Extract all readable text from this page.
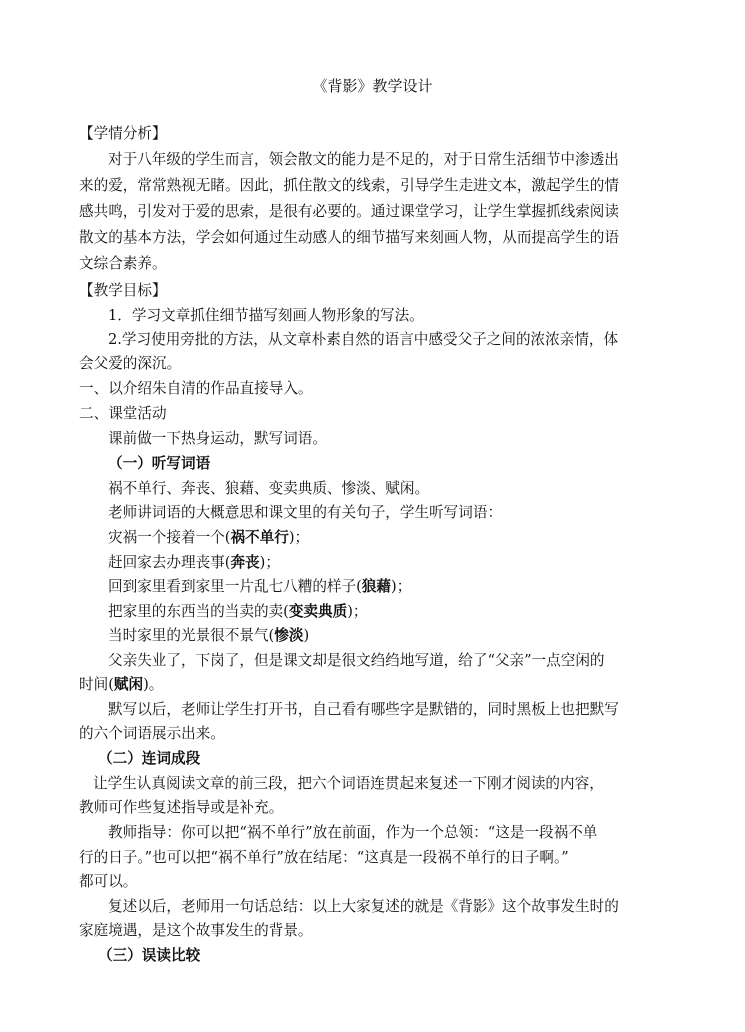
《背影》教学设计
【学情分析】
对于八年级的学生而言，领会散文的能力是不足的，对于日常生活细节中渗透出
来的爱，常常熟视无睹。因此，抓住散文的线索，引导学生走进文本，激起学生的情
感共鸣，引发对于爱的思索，是很有必要的。通过课堂学习，让学生掌握抓线索阅读
散文的基本方法，学会如何通过生动感人的细节描写来刻画人物，从而提高学生的语
文综合素养。
【教学目标】
1．学习文章抓住细节描写刻画人物形象的写法。
2.学习使用旁批的方法，从文章朴素自然的语言中感受父子之间的浓浓亲情，体
会父爱的深沉。
一、以介绍朱自清的作品直接导入。
二、课堂活动
课前做一下热身运动，默写词语。
（一）听写词语
祸不单行、奔丧、狼藉、变卖典质、惨淡、赋闲。
老师讲词语的大概意思和课文里的有关句子，学生听写词语：
灾祸一个接着一个(祸不单行)；
赶回家去办理丧事(奔丧)；
回到家里看到家里一片乱七八糟的样子(狼藉)；
把家里的东西当的当卖的卖(变卖典质)；
当时家里的光景很不景气(惨淡)
父亲失业了，下岗了，但是课文却是很文绉绉地写道，给了“父亲”一点空闲的
时间(赋闲)。
默写以后，老师让学生打开书，自己看有哪些字是默错的，同时黑板上也把默写
的六个词语展示出来。
（二）连词成段
让学生认真阅读文章的前三段，把六个词语连贯起来复述一下刚才阅读的内容，
教师可作些复述指导或是补充。
教师指导：你可以把“祸不单行”放在前面，作为一个总领：“这是一段祸不单
行的日子。”也可以把“祸不单行”放在结尾：“这真是一段祸不单行的日子啊。”
都可以。
复述以后，老师用一句话总结：以上大家复述的就是《背影》这个故事发生时的
家庭境遇，是这个故事发生的背景。
（三）误读比较
